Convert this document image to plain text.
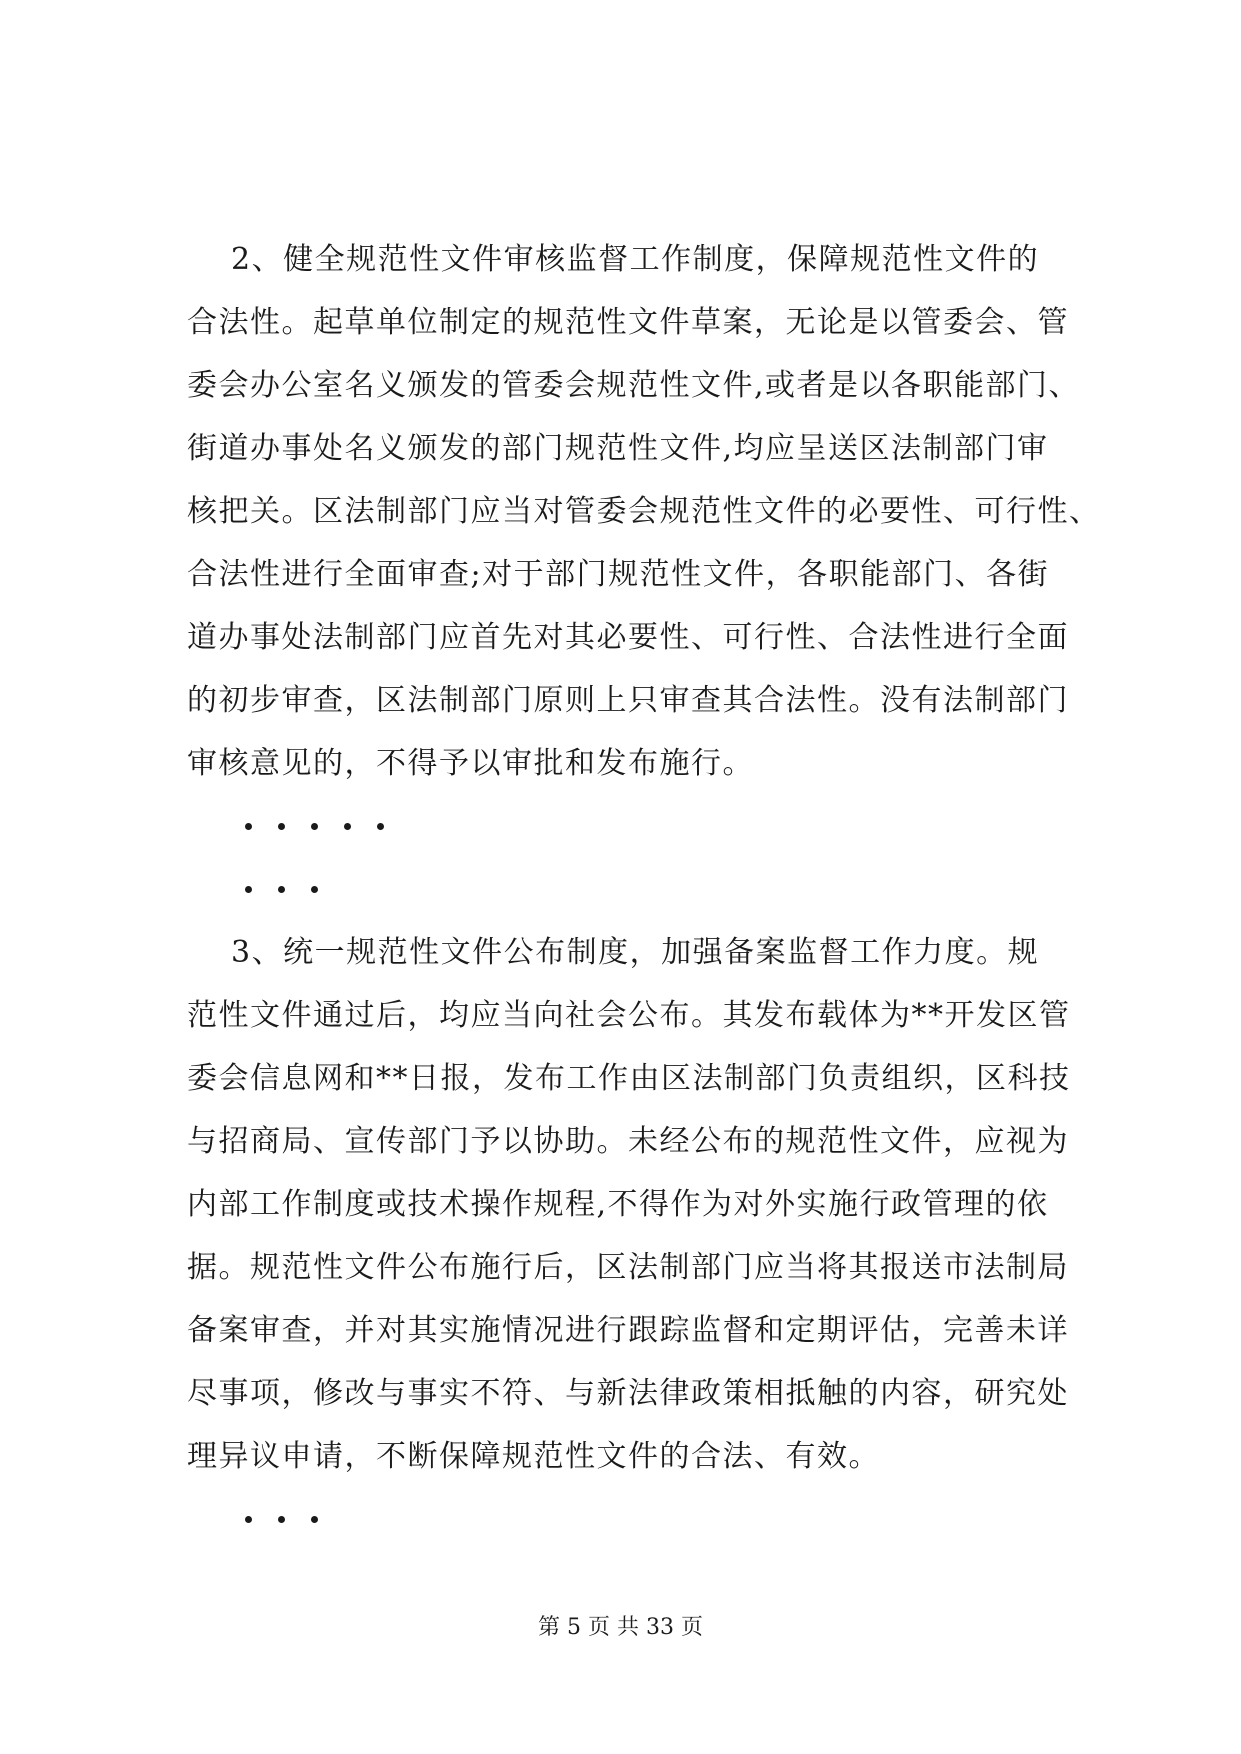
2、健全规范性文件审核监督工作制度，保障规范性文件的
合法性。起草单位制定的规范性文件草案，无论是以管委会、管
委会办公室名义颁发的管委会规范性文件,或者是以各职能部门、
街道办事处名义颁发的部门规范性文件,均应呈送区法制部门审
核把关。区法制部门应当对管委会规范性文件的必要性、可行性、
合法性进行全面审查;对于部门规范性文件，各职能部门、各街
道办事处法制部门应首先对其必要性、可行性、合法性进行全面
的初步审查，区法制部门原则上只审查其合法性。没有法制部门
审核意见的，不得予以审批和发布施行。
3、统一规范性文件公布制度，加强备案监督工作力度。规
范性文件通过后，均应当向社会公布。其发布载体为**开发区管
委会信息网和**日报，发布工作由区法制部门负责组织，区科技
与招商局、宣传部门予以协助。未经公布的规范性文件，应视为
内部工作制度或技术操作规程,不得作为对外实施行政管理的依
据。规范性文件公布施行后，区法制部门应当将其报送市法制局
备案审查，并对其实施情况进行跟踪监督和定期评估，完善未详
尽事项，修改与事实不符、与新法律政策相抵触的内容，研究处
理异议申请，不断保障规范性文件的合法、有效。
第 5 页 共 33 页
